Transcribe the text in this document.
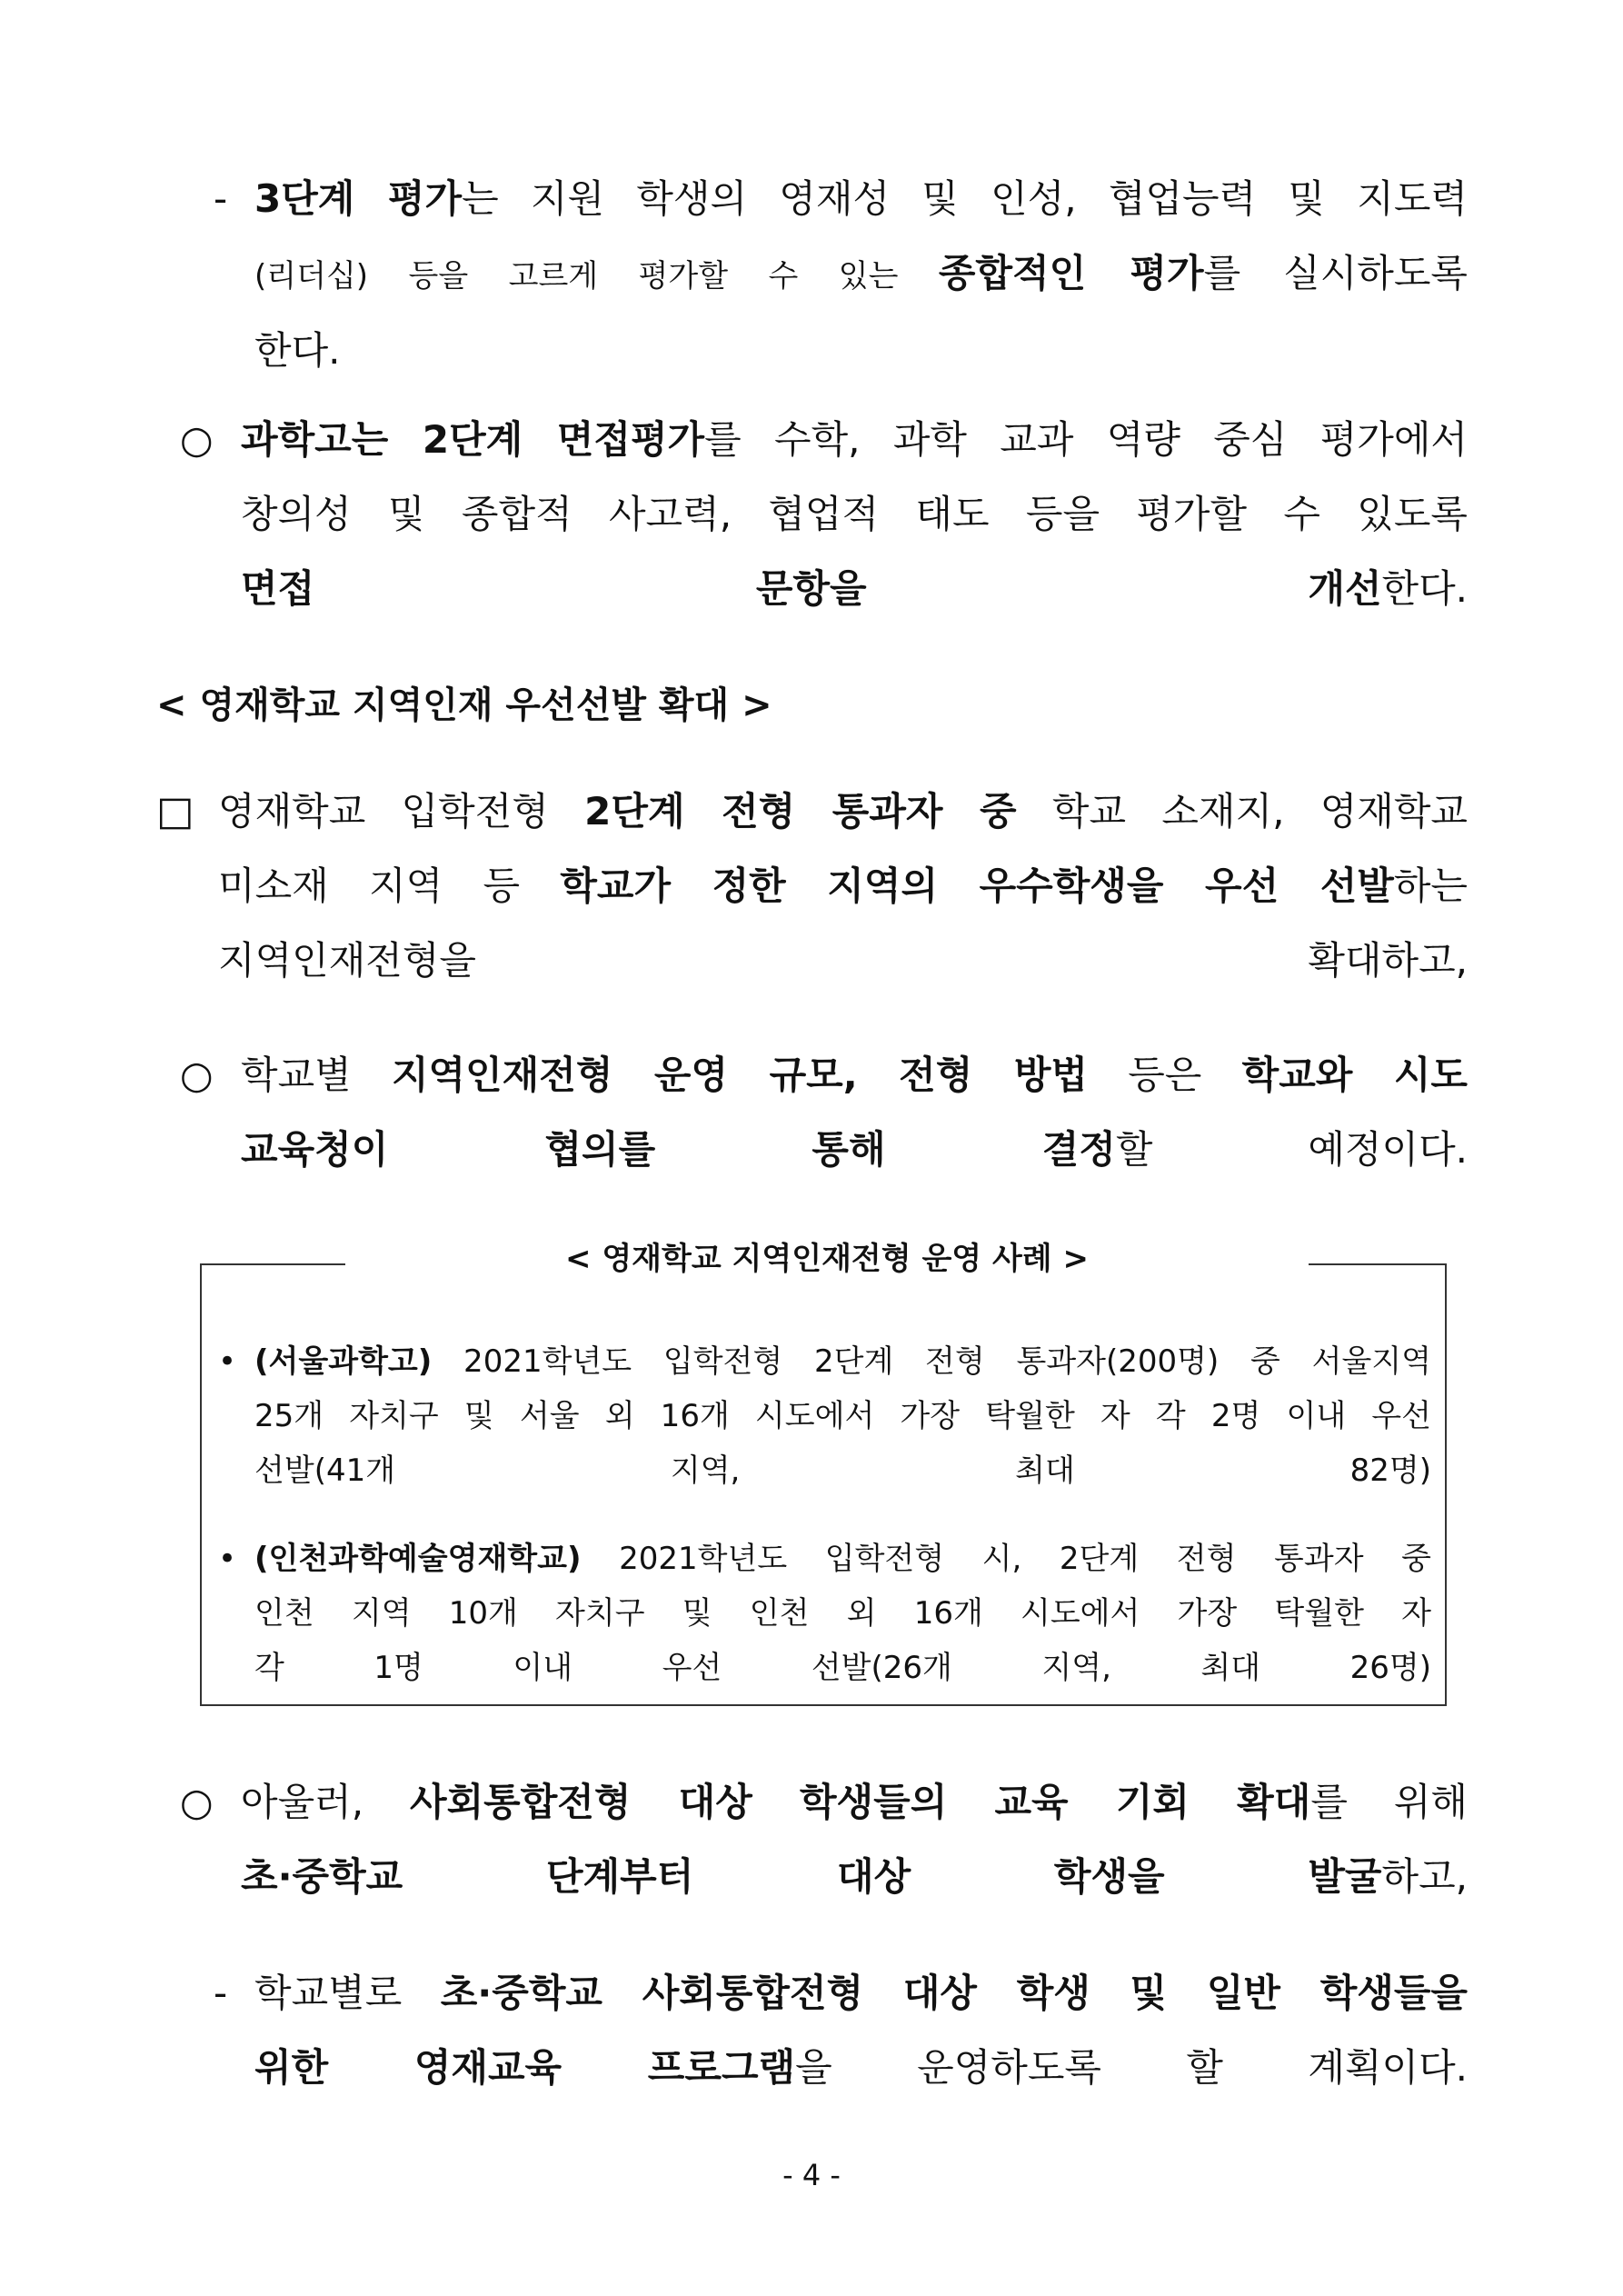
- 3단계 평가는 지원 학생의 영재성 및 인성, 협업능력 및 지도력
(리더십) 등을 고르게 평가할 수 있는 종합적인 평가를 실시하도록
한다.
○ 과학고는 2단계 면접평가를 수학, 과학 교과 역량 중심 평가에서
창의성 및 종합적 사고력, 협업적 태도 등을 평가할 수 있도록
면접 문항을 개선한다.
< 영재학교 지역인재 우선선발 확대 >
□ 영재학교 입학전형 2단계 전형 통과자 중 학교 소재지, 영재학교
미소재 지역 등 학교가 정한 지역의 우수학생을 우선 선발하는
지역인재전형을 확대하고,
○ 학교별 지역인재전형 운영 규모, 전형 방법 등은 학교와 시도
교육청이 협의를 통해 결정할 예정이다.
< 영재학교 지역인재전형 운영 사례 >
• (서울과학고) 2021학년도 입학전형 2단계 전형 통과자(200명) 중 서울지역
25개 자치구 및 서울 외 16개 시도에서 가장 탁월한 자 각 2명 이내 우선
선발(41개 지역, 최대 82명)
• (인천과학예술영재학교) 2021학년도 입학전형 시, 2단계 전형 통과자 중
인천 지역 10개 자치구 및 인천 외 16개 시도에서 가장 탁월한 자
각 1명 이내 우선 선발(26개 지역, 최대 26명)
○ 아울러, 사회통합전형 대상 학생들의 교육 기회 확대를 위해
초·중학교 단계부터 대상 학생을 발굴하고,
- 학교별로 초·중학교 사회통합전형 대상 학생 및 일반 학생들을
위한 영재교육 프로그램을 운영하도록 할 계획이다.
- 4 -
